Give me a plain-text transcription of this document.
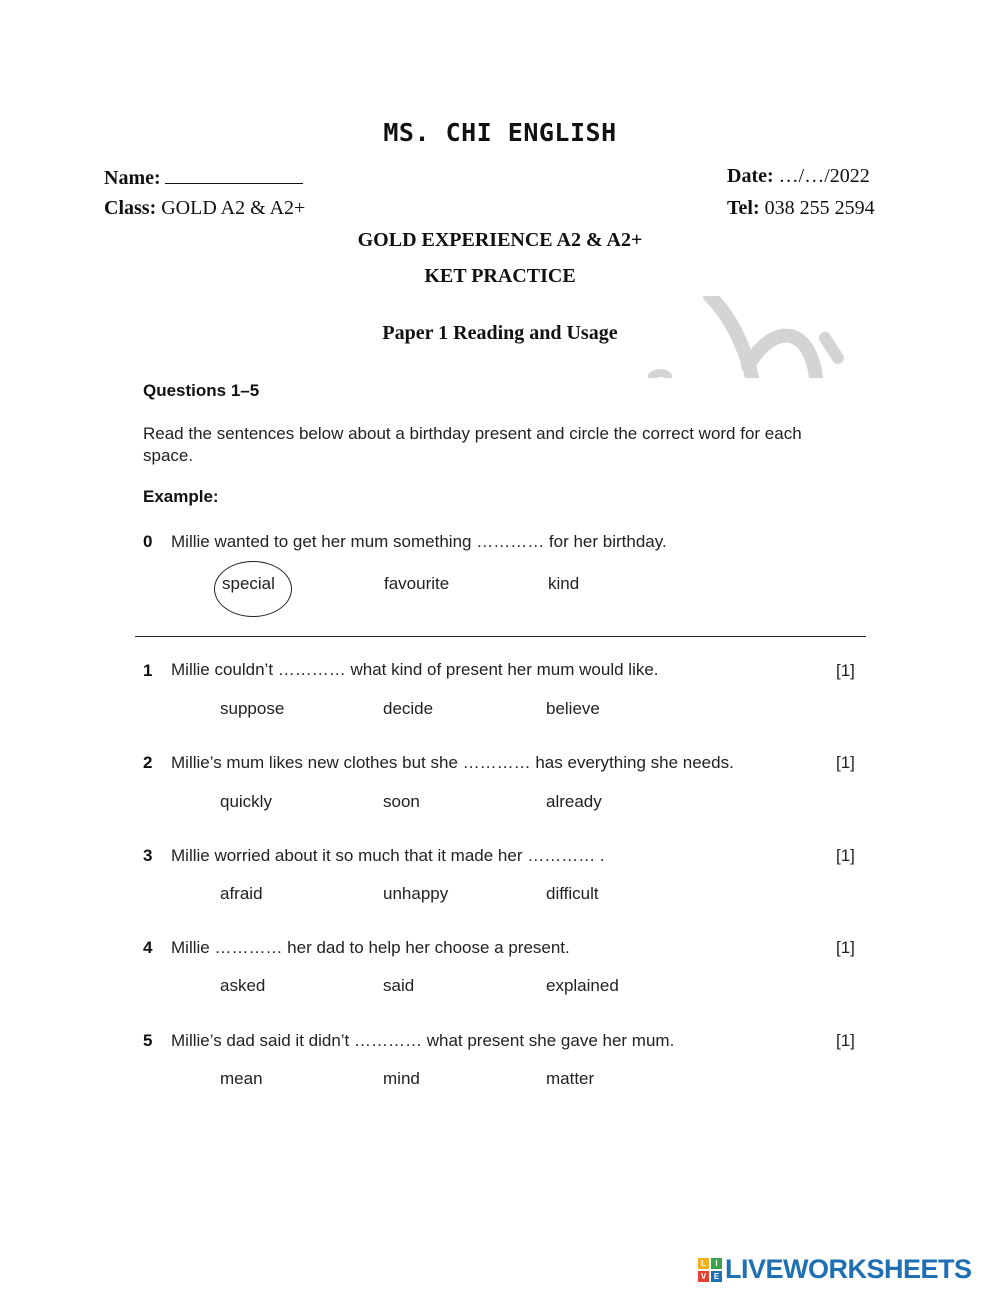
MS. CHI ENGLISH
Name:	Date: …/…/2022
Class: GOLD A2 & A2+	Tel: 038 255 2594
GOLD EXPERIENCE A2 & A2+
KET PRACTICE
Paper 1 Reading and Usage
Questions 1–5
Read the sentences below about a birthday present and circle the correct word for each space.
Example:
0 Millie wanted to get her mum something ………… for her birthday.
special	favourite	kind
1 Millie couldn’t ………… what kind of present her mum would like.	[1]
suppose	decide	believe
2 Millie’s mum likes new clothes but she ………… has everything she needs.	[1]
quickly	soon	already
3 Millie worried about it so much that it made her ………… .	[1]
afraid	unhappy	difficult
4 Millie ………… her dad to help her choose a present.	[1]
asked	said	explained
5 Millie’s dad said it didn’t ………… what present she gave her mum.	[1]
mean	mind	matter
L	I
V E LIVEWORKSHEETS
